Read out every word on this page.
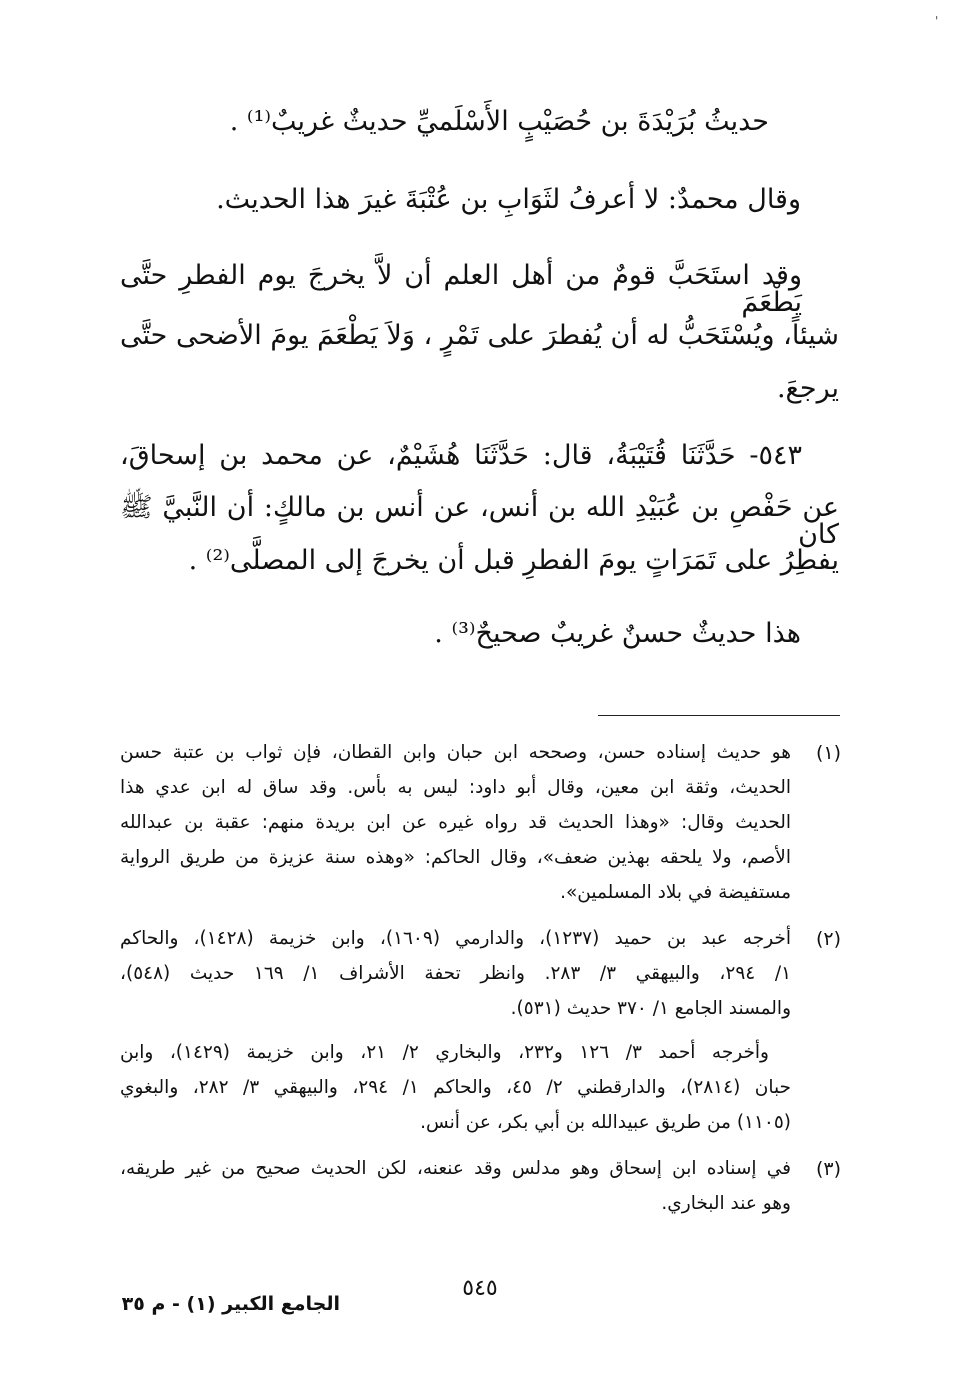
حديثُ بُرَيْدَةَ بن حُصَيْبٍ الأَسْلَميِّ حديثٌ غريبٌ⁽¹⁾ .
وقال محمدٌ: لا أعرفُ لثَوَابِ بن عُتْبَةَ غيرَ هذا الحديث.
وقد استَحَبَّ قومٌ من أهل العلم أن لاَّ يخرجَ يوم الفطرِ حتَّى يَطْعَمَ
شيئاً، ويُسْتَحَبُّ له أن يُفطرَ على تَمْرٍ ، وَلاَ يَطْعَمَ يومَ الأضحى حتَّى
يرجعَ.
٥٤٣- حَدَّثَنَا قُتَيْبَةُ، قال: حَدَّثَنَا هُشَيْمٌ، عن محمد بن إسحاقَ،
عن حَفْصِ بن عُبَيْدِ الله بن أنس، عن أنس بن مالكٍ: أن النَّبيَّ ﷺ كان
يفطِرُ على تَمَرَاتٍ يومَ الفطرِ قبل أن يخرجَ إلى المصلَّى⁽²⁾ .
هذا حديثٌ حسنٌ غريبٌ صحيحٌ⁽³⁾ .
(١)
هو حديث إسناده حسن، وصححه ابن حبان وابن القطان، فإن ثواب بن عتبة حسن
الحديث، وثقة ابن معين، وقال أبو داود: ليس به بأس. وقد ساق له ابن عدي هذا
الحديث وقال: «وهذا الحديث قد رواه غيره عن ابن بريدة منهم: عقبة بن عبدالله
الأصم، ولا يلحقه بهذين ضعف»، وقال الحاكم: «وهذه سنة عزيزة من طريق الرواية
مستفيضة في بلاد المسلمين».
(٢)
أخرجه عبد بن حميد (١٢٣٧)، والدارمي (١٦٠٩)، وابن خزيمة (١٤٢٨)، والحاكم
١/ ٢٩٤، والبيهقي ٣/ ٢٨٣. وانظر تحفة الأشراف ١/ ١٦٩ حديث (٥٤٨)،
والمسند الجامع ١/ ٣٧٠ حديث (٥٣١).
وأخرجه أحمد ٣/ ١٢٦ و٢٣٢، والبخاري ٢/ ٢١، وابن خزيمة (١٤٢٩)، وابن
حبان (٢٨١٤)، والدارقطني ٢/ ٤٥، والحاكم ١/ ٢٩٤، والبيهقي ٣/ ٢٨٢، والبغوي
(١١٠٥) من طريق عبيدالله بن أبي بكر، عن أنس.
(٣)
في إسناده ابن إسحاق وهو مدلس وقد عنعنه، لكن الحديث صحيح من غير طريقه،
وهو عند البخاري.
٥٤٥
الجامع الكبير (١) - م ٣٥
'
